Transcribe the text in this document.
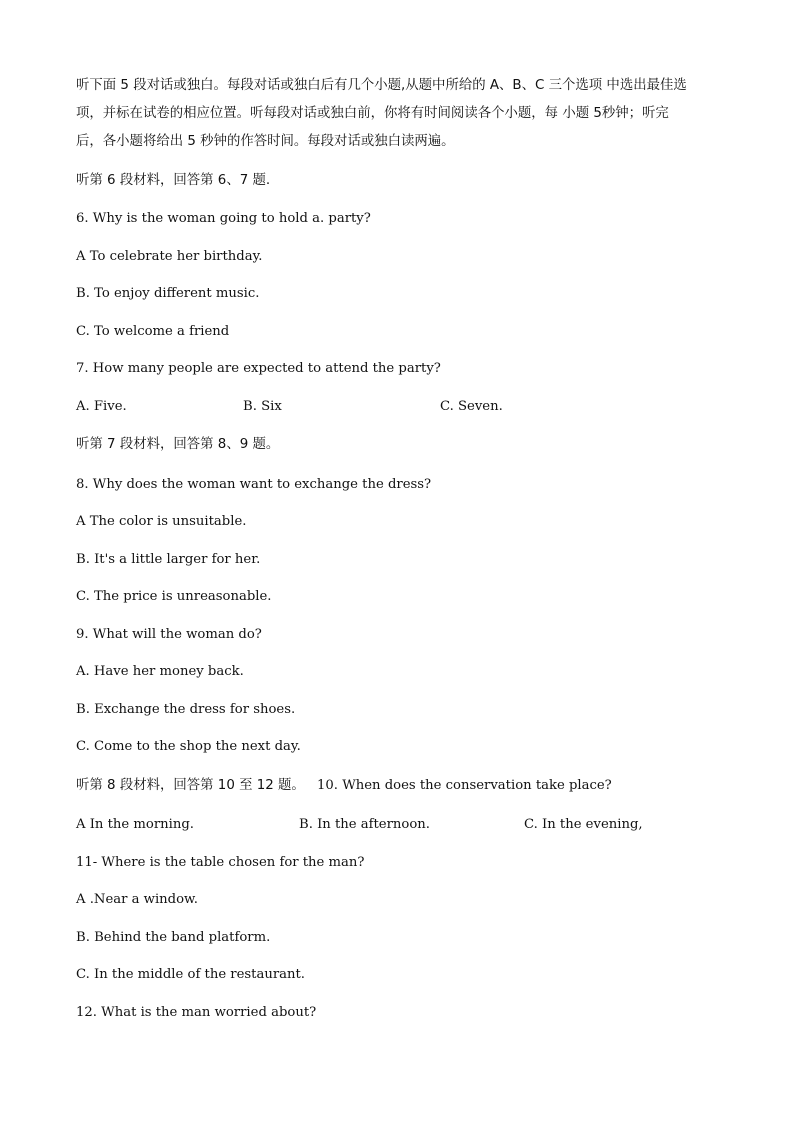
听下面 5 段对话或独白。每段对话或独白后有几个小题,从题中所给的 A、B、C 三个选项 中选出最佳选
项，并标在试卷的相应位置。听每段对话或独白前，你将有时间阅读各个小题，每 小题 5秒钟；听完
后，各小题将给出 5 秒钟的作答时间。每段对话或独白读两遍。
听第 6 段材料，回答第 6、7 题.
6. Why is the woman going to hold a. party?
A To celebrate her birthday.
B. To enjoy different music.
C. To welcome a friend
7. How many people are expected to attend the party?
A. Five.	B. Six	C. Seven.
听第 7 段材料，回答第 8、9 题。
8. Why does the woman want to exchange the dress?
A The color is unsuitable.
B. It's a little larger for her.
C. The price is unreasonable.
9. What will the woman do?
A. Have her money back.
B. Exchange the dress for shoes.
C. Come to the shop the next day.
听第 8 段材料，回答第 10 至 12 题。 10. When does the conservation take place?
A In the morning.	B. In the afternoon.	C. In the evening,
11- Where is the table chosen for the man?
A .Near a window.
B. Behind the band platform.
C. In the middle of the restaurant.
12. What is the man worried about?
